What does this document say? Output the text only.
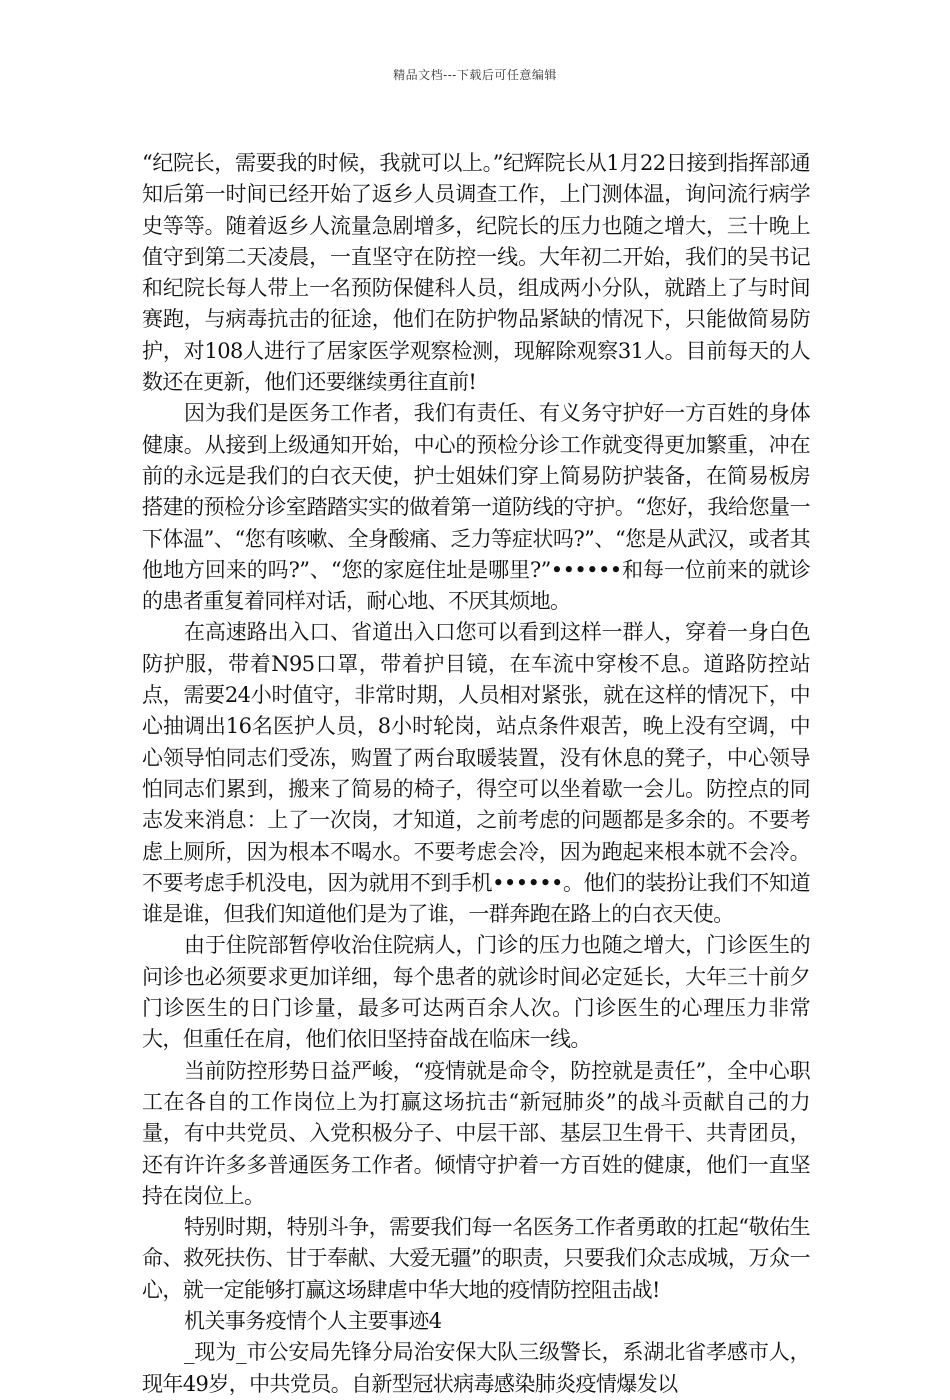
精品文档---下载后可任意编辑

“纪院长，需要我的时候，我就可以上。”纪辉院长从1月22日接到指挥部通知后第一时间已经开始了返乡人员调查工作，上门测体温，询问流行病学史等等。随着返乡人流量急剧增多，纪院长的压力也随之增大，三十晚上值守到第二天凌晨，一直坚守在防控一线。大年初二开始，我们的吴书记和纪院长每人带上一名预防保健科人员，组成两小分队，就踏上了与时间赛跑，与病毒抗击的征途，他们在防护物品紧缺的情况下，只能做简易防护，对108人进行了居家医学观察检测，现解除观察31人。目前每天的人数还在更新，他们还要继续勇往直前!

因为我们是医务工作者，我们有责任、有义务守护好一方百姓的身体健康。从接到上级通知开始，中心的预检分诊工作就变得更加繁重，冲在前的永远是我们的白衣天使，护士姐妹们穿上简易防护装备，在简易板房搭建的预检分诊室踏踏实实的做着第一道防线的守护。“您好，我给您量一下体温”、“您有咳嗽、全身酸痛、乏力等症状吗?”、“您是从武汉，或者其他地方回来的吗?”、“您的家庭住址是哪里?”••••••和每一位前来的就诊的患者重复着同样对话，耐心地、不厌其烦地。

在高速路出入口、省道出入口您可以看到这样一群人，穿着一身白色防护服，带着N95口罩，带着护目镜，在车流中穿梭不息。道路防控站点，需要24小时值守，非常时期，人员相对紧张，就在这样的情况下，中心抽调出16名医护人员，8小时轮岗，站点条件艰苦，晚上没有空调，中心领导怕同志们受冻，购置了两台取暖装置，没有休息的凳子，中心领导怕同志们累到，搬来了简易的椅子，得空可以坐着歇一会儿。防控点的同志发来消息：上了一次岗，才知道，之前考虑的问题都是多余的。不要考虑上厕所，因为根本不喝水。不要考虑会冷，因为跑起来根本就不会冷。不要考虑手机没电，因为就用不到手机••••••。他们的装扮让我们不知道谁是谁，但我们知道他们是为了谁，一群奔跑在路上的白衣天使。

由于住院部暂停收治住院病人，门诊的压力也随之增大，门诊医生的问诊也必须要求更加详细，每个患者的就诊时间必定延长，大年三十前夕门诊医生的日门诊量，最多可达两百余人次。门诊医生的心理压力非常大，但重任在肩，他们依旧坚持奋战在临床一线。

当前防控形势日益严峻，“疫情就是命令，防控就是责任”，全中心职工在各自的工作岗位上为打赢这场抗击“新冠肺炎”的战斗贡献自己的力量，有中共党员、入党积极分子、中层干部、基层卫生骨干、共青团员，还有许许多多普通医务工作者。倾情守护着一方百姓的健康，他们一直坚持在岗位上。

特别时期，特别斗争，需要我们每一名医务工作者勇敢的扛起“敬佑生命、救死扶伤、甘于奉献、大爱无疆”的职责，只要我们众志成城，万众一心，就一定能够打赢这场肆虐中华大地的疫情防控阻击战!

机关事务疫情个人主要事迹4

_现为_市公安局先锋分局治安保大队三级警长，系湖北省孝感市人，现年49岁，中共党员。自新型冠状病毒感染肺炎疫情爆发以
